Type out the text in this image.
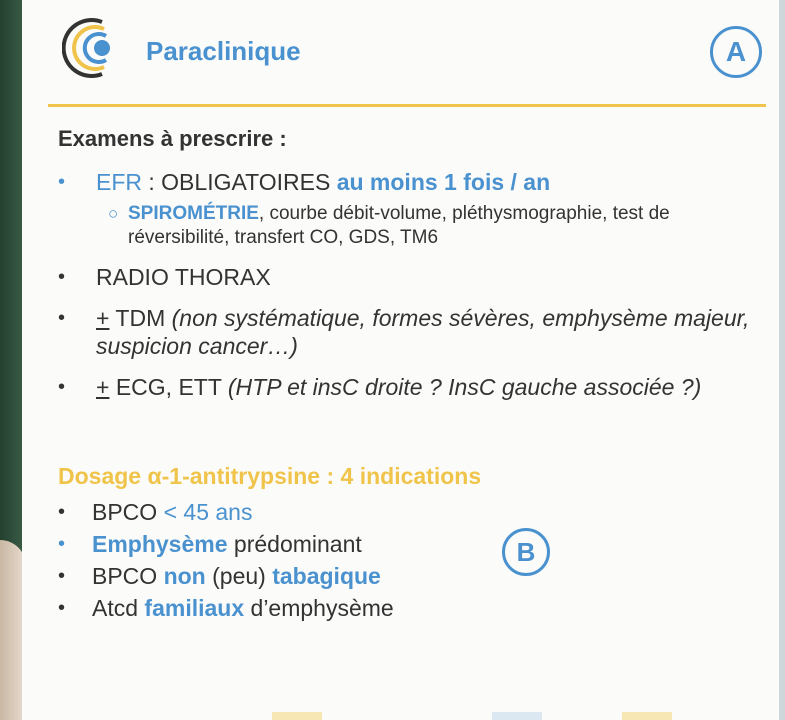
Paraclinique	A
Examens à prescrire :
• EFR : OBLIGATOIRES au moins 1 fois / an
○ SPIROMÉTRIE, courbe débit-volume, pléthysmographie, test de réversibilité, transfert CO, GDS, TM6
• RADIO THORAX
• + TDM (non systématique, formes sévères, emphysème majeur, suspicion cancer…)
• + ECG, ETT (HTP et insC droite ? InsC gauche associée ?)
Dosage α-1-antitrypsine : 4 indications
• BPCO < 45 ans
• Emphysème prédominant
• BPCO non (peu) tabagique
• Atcd familiaux d’emphysème
B
